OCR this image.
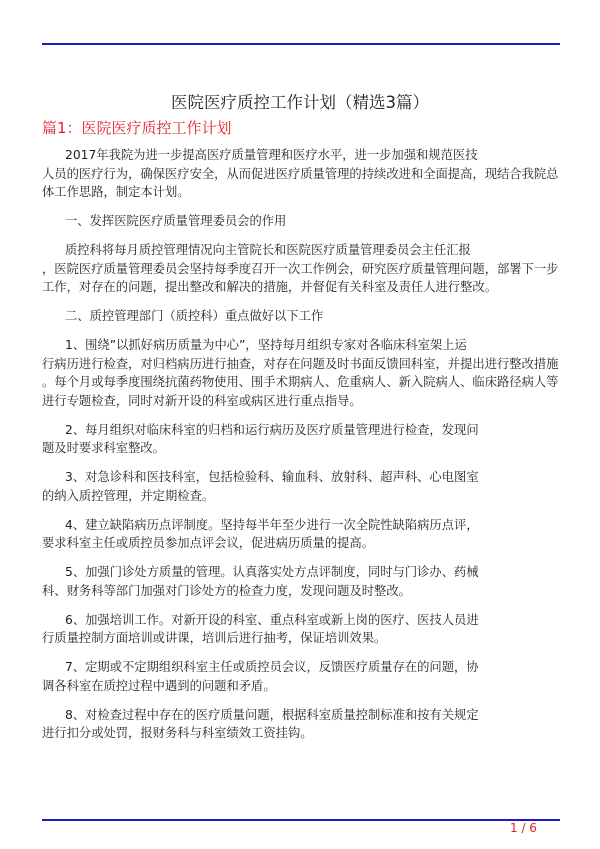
医院医疗质控工作计划（精选3篇）
篇1：医院医疗质控工作计划
2017年我院为进一步提高医疗质量管理和医疗水平，进一步加强和规范医技
人员的医疗行为，确保医疗安全，从而促进医疗质量管理的持续改进和全面提高，现结合我院总
体工作思路，制定本计划。
一、发挥医院医疗质量管理委员会的作用
质控科将每月质控管理情况向主管院长和医院医疗质量管理委员会主任汇报
，医院医疗质量管理委员会坚持每季度召开一次工作例会，研究医疗质量管理问题，部署下一步
工作，对存在的问题，提出整改和解决的措施，并督促有关科室及责任人进行整改。
二、质控管理部门（质控科）重点做好以下工作
1、围绕”以抓好病历质量为中心”，坚持每月组织专家对各临床科室架上运
行病历进行检查，对归档病历进行抽查，对存在问题及时书面反馈回科室，并提出进行整改措施
。每个月或每季度围绕抗菌药物使用、围手术期病人、危重病人、新入院病人、临床路径病人等
进行专题检查，同时对新开设的科室或病区进行重点指导。
2、每月组织对临床科室的归档和运行病历及医疗质量管理进行检查，发现问
题及时要求科室整改。
3、对急诊科和医技科室，包括检验科、输血科、放射科、超声科、心电图室
的纳入质控管理，并定期检查。
4、建立缺陷病历点评制度。坚持每半年至少进行一次全院性缺陷病历点评，
要求科室主任或质控员参加点评会议，促进病历质量的提高。
5、加强门诊处方质量的管理。认真落实处方点评制度，同时与门诊办、药械
科、财务科等部门加强对门诊处方的检查力度，发现问题及时整改。
6、加强培训工作。对新开设的科室、重点科室或新上岗的医疗、医技人员进
行质量控制方面培训或讲课，培训后进行抽考，保证培训效果。
7、定期或不定期组织科室主任或质控员会议，反馈医疗质量存在的问题，协
调各科室在质控过程中遇到的问题和矛盾。
8、对检查过程中存在的医疗质量问题，根据科室质量控制标准和按有关规定
进行扣分或处罚，报财务科与科室绩效工资挂钩。
1 / 6
